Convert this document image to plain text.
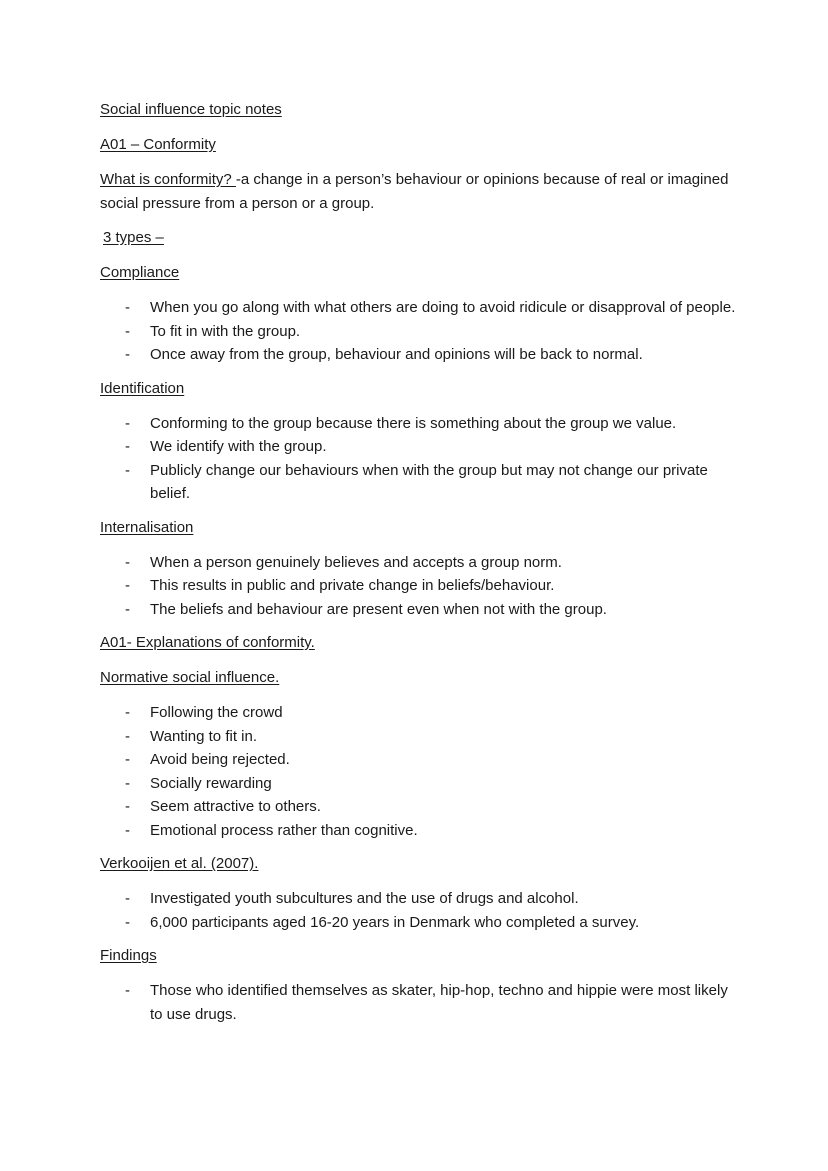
Social influence topic notes

A01 – Conformity

What is conformity? -a change in a person’s behaviour or opinions because of real or imagined social pressure from a person or a group.

3 types –

Compliance

- When you go along with what others are doing to avoid ridicule or disapproval of people.
- To fit in with the group.
- Once away from the group, behaviour and opinions will be back to normal.

Identification

- Conforming to the group because there is something about the group we value.
- We identify with the group.
- Publicly change our behaviours when with the group but may not change our private belief.

Internalisation

- When a person genuinely believes and accepts a group norm.
- This results in public and private change in beliefs/behaviour.
- The beliefs and behaviour are present even when not with the group.

A01- Explanations of conformity.

Normative social influence.

- Following the crowd
- Wanting to fit in.
- Avoid being rejected.
- Socially rewarding
- Seem attractive to others.
- Emotional process rather than cognitive.

Verkooijen et al. (2007).

- Investigated youth subcultures and the use of drugs and alcohol.
- 6,000 participants aged 16-20 years in Denmark who completed a survey.

Findings

- Those who identified themselves as skater, hip-hop, techno and hippie were most likely to use drugs.
